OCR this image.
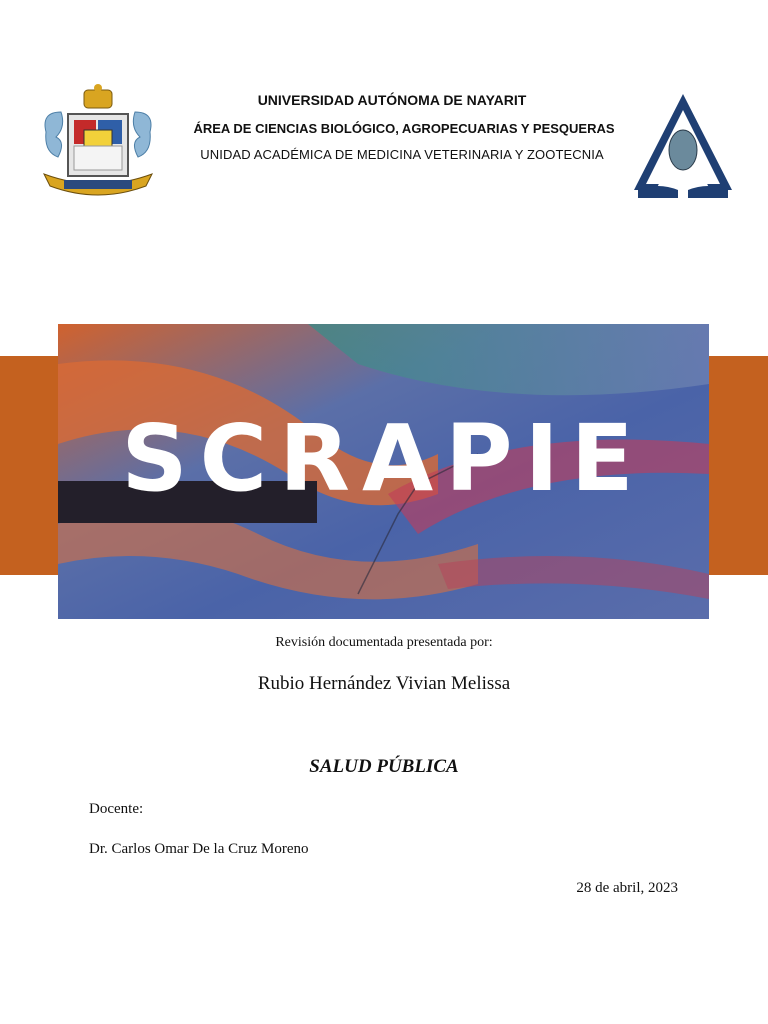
UNIVERSIDAD AUTÓNOMA DE NAYARIT
ÁREA DE CIENCIAS BIOLÓGICO, AGROPECUARIAS Y PESQUERAS
UNIDAD ACADÉMICA DE MEDICINA VETERINARIA Y ZOOTECNIA
SCRAPIE
Revisión documentada presentada por:
Rubio Hernández Vivian Melissa
SALUD PÚBLICA
Docente:
Dr. Carlos Omar De la Cruz Moreno
28 de abril, 2023
